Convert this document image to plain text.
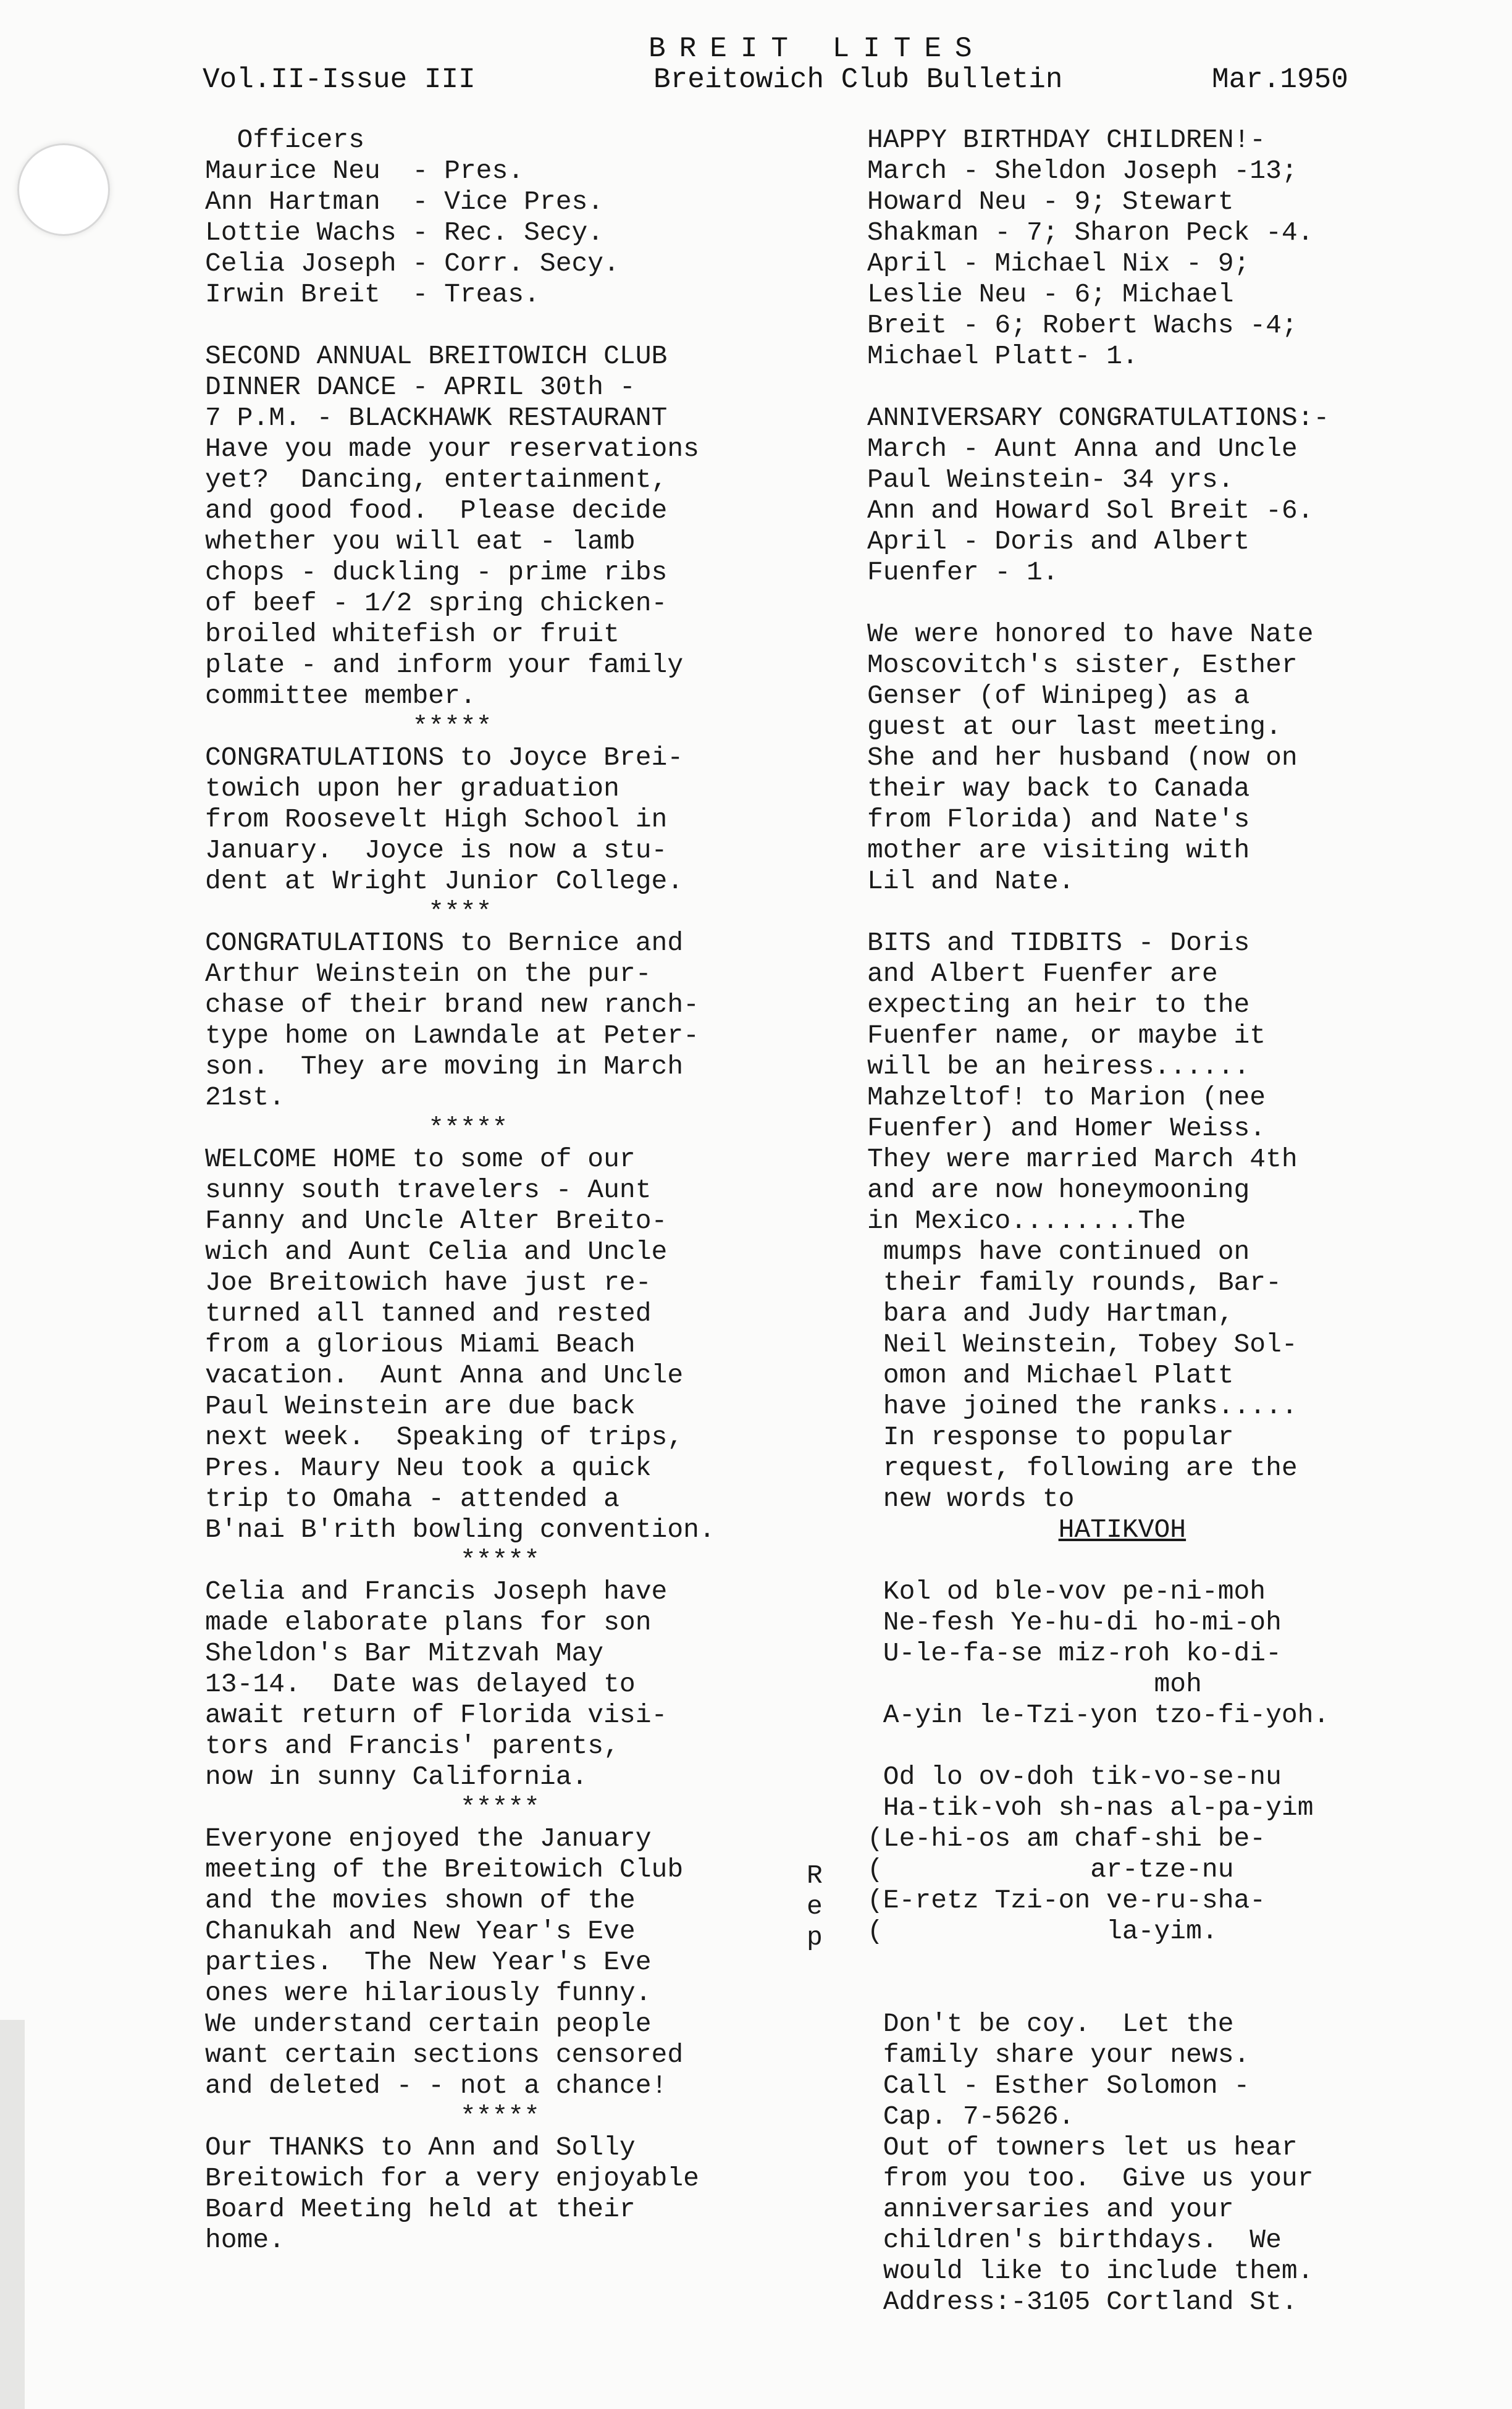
BREIT LITES
Vol.II-Issue III	Breitowich Club Bulletin	Mar.1950
Officers
Maurice Neu  - Pres.
Ann Hartman  - Vice Pres.
Lottie Wachs - Rec. Secy.
Celia Joseph - Corr. Secy.
Irwin Breit  - Treas.
SECOND ANNUAL BREITOWICH CLUB
DINNER DANCE - APRIL 30th -
7 P.M. - BLACKHAWK RESTAURANT
Have you made your reservations
yet?  Dancing, entertainment,
and good food.  Please decide
whether you will eat - lamb
chops - duckling - prime ribs
of beef - 1/2 spring chicken-
broiled whitefish or fruit
plate - and inform your family
committee member.
*****
CONGRATULATIONS to Joyce Brei-
towich upon her graduation
from Roosevelt High School in
January.  Joyce is now a stu-
dent at Wright Junior College.
****
CONGRATULATIONS to Bernice and
Arthur Weinstein on the pur-
chase of their brand new ranch-
type home on Lawndale at Peter-
son.  They are moving in March
21st.
*****
WELCOME HOME to some of our
sunny south travelers - Aunt
Fanny and Uncle Alter Breito-
wich and Aunt Celia and Uncle
Joe Breitowich have just re-
turned all tanned and rested
from a glorious Miami Beach
vacation.  Aunt Anna and Uncle
Paul Weinstein are due back
next week.  Speaking of trips,
Pres. Maury Neu took a quick
trip to Omaha - attended a
B'nai B'rith bowling convention.
*****
Celia and Francis Joseph have
made elaborate plans for son
Sheldon's Bar Mitzvah May
13-14.  Date was delayed to
await return of Florida visi-
tors and Francis' parents,
now in sunny California.
*****
Everyone enjoyed the January
meeting of the Breitowich Club
and the movies shown of the
Chanukah and New Year's Eve
parties.  The New Year's Eve
ones were hilariously funny.
We understand certain people
want certain sections censored
and deleted - - not a chance!
*****
Our THANKS to Ann and Solly
Breitowich for a very enjoyable
Board Meeting held at their
home.
HAPPY BIRTHDAY CHILDREN!-
March - Sheldon Joseph -13;
Howard Neu - 9; Stewart
Shakman - 7; Sharon Peck -4.
April - Michael Nix - 9;
Leslie Neu - 6; Michael
Breit - 6; Robert Wachs -4;
Michael Platt- 1.
ANNIVERSARY CONGRATULATIONS:-
March - Aunt Anna and Uncle
Paul Weinstein- 34 yrs.
Ann and Howard Sol Breit -6.
April - Doris and Albert
Fuenfer - 1.
We were honored to have Nate
Moscovitch's sister, Esther
Genser (of Winipeg) as a
guest at our last meeting.
She and her husband (now on
their way back to Canada
from Florida) and Nate's
mother are visiting with
Lil and Nate.
BITS and TIDBITS - Doris
and Albert Fuenfer are
expecting an heir to the
Fuenfer name, or maybe it
will be an heiress......
Mahzeltof! to Marion (nee
Fuenfer) and Homer Weiss.
They were married March 4th
and are now honeymooning
in Mexico........The
mumps have continued on
their family rounds, Bar-
bara and Judy Hartman,
Neil Weinstein, Tobey Sol-
omon and Michael Platt
have joined the ranks.....
In response to popular
request, following are the
new words to
HATIKVOH
Kol od ble-vov pe-ni-moh
Ne-fesh Ye-hu-di ho-mi-oh
U-le-fa-se miz-roh ko-di-
moh
A-yin le-Tzi-yon tzo-fi-yoh.
Od lo ov-doh tik-vo-se-nu
Ha-tik-voh sh-nas al-pa-yim
(Le-hi-os am chaf-shi be-
(             ar-tze-nu
(E-retz Tzi-on ve-ru-sha-
(              la-yim.
Don't be coy.  Let the
family share your news.
Call - Esther Solomon -
Cap. 7-5626.
Out of towners let us hear
from you too.  Give us your
anniversaries and your
children's birthdays.  We
would like to include them.
Address:-3105 Cortland St.
R
e
p
